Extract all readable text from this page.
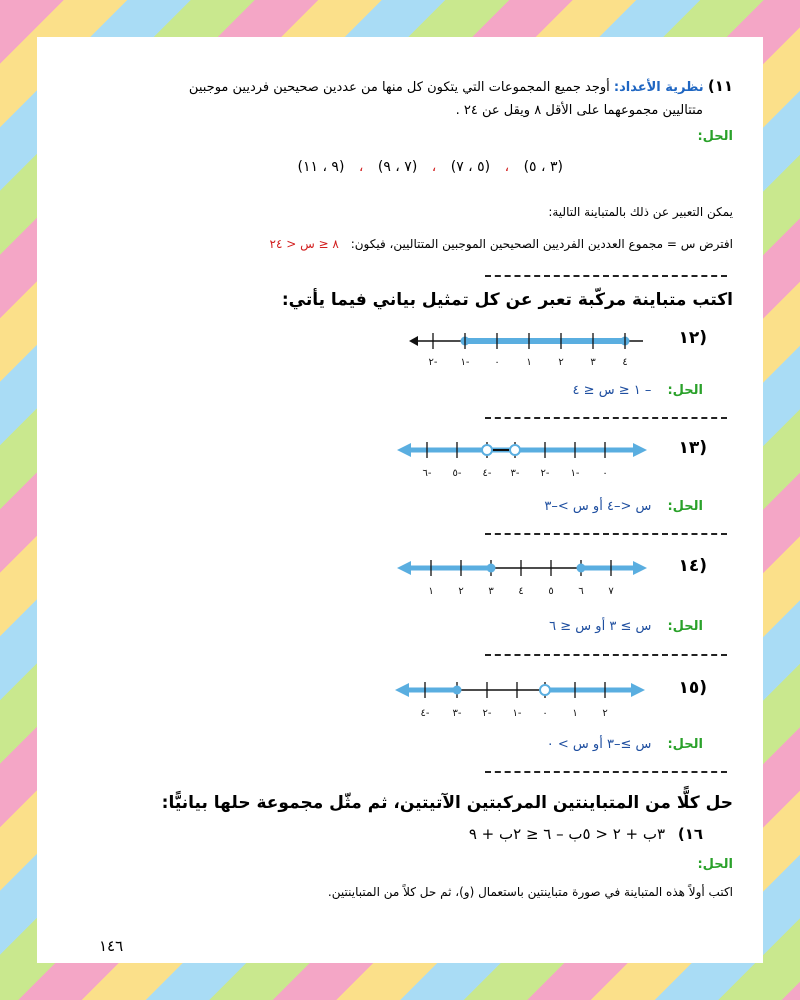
١١) نظرية الأعداد: أوجد جميع المجموعات التي يتكون كل منها من عددين صحيحين فرديين موجبين
متتاليين مجموعهما على الأقل ٨ ويقل عن ٢٤ .
الحل:
(٣ ، ٥) ، (٥ ، ٧) ، (٧ ، ٩) ، (٩ ، ١١)
يمكن التعبير عن ذلك بالمتباينة التالية:
افترض س = مجموع العددين الفرديين الصحيحين الموجبين المتتاليين، فيكون: ٨ ≤ س < ٢٤
اكتب متباينة مركّبة تعبر عن كل تمثيل بياني فيما يأتي:
(١٢
٢- ١- ٠	١	٢	٣	٤
الحل: – ١ ≤ س ≤ ٤
(١٣
٦- ٥- ٤- ٣- ٢- ١- ٠
الحل: س <–٤ أو س >–٣
(١٤
١ ٢ ٣ ٤ ٥ ٦ ٧
الحل: س ≥ ٣ أو س ≤ ٦
(١٥
٤- ٣- ٢- ١- ٠ ١ ٢
الحل: س ≥–٣ أو س > ٠
حل كلًّا من المتباينتين المركبتين الآتيتين، ثم مثّل مجموعة حلها بيانيًّا:
١٦) ٣ب + ٢ < ٥ب – ٦ ≤ ٢ب + ٩
الحل:
اكتب أولاً هذه المتباينة في صورة متباينتين باستعمال (و)، ثم حل كلاً من المتباينتين.
١٤٦
